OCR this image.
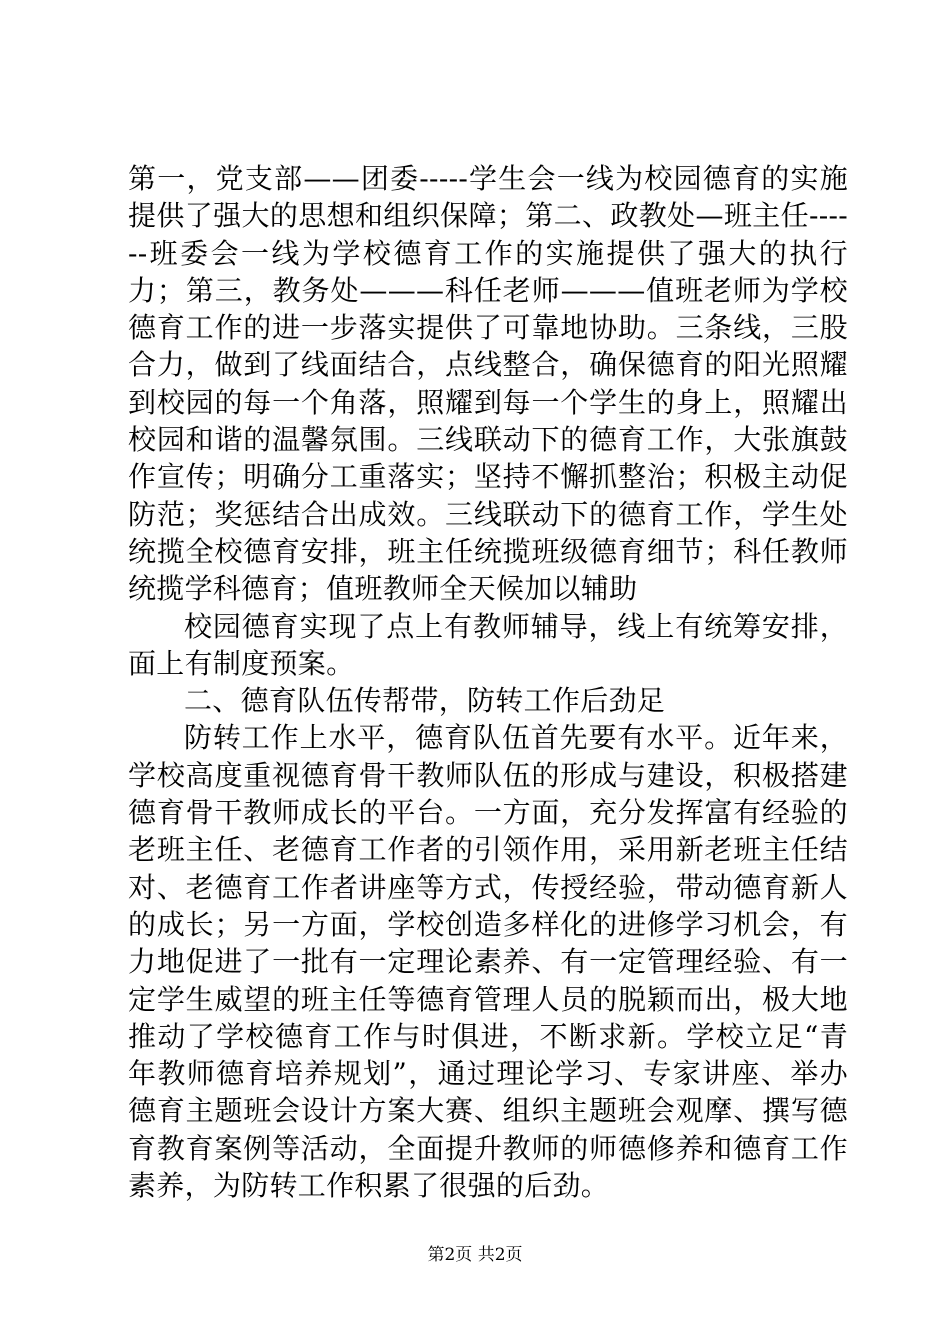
第一，党支部——团委-----学生会一线为校园德育的实施提供了强大的思想和组织保障；第二、政教处—班主任------班委会一线为学校德育工作的实施提供了强大的执行力；第三，教务处———科任老师———值班老师为学校德育工作的进一步落实提供了可靠地协助。三条线，三股合力，做到了线面结合，点线整合，确保德育的阳光照耀到校园的每一个角落，照耀到每一个学生的身上，照耀出校园和谐的温馨氛围。三线联动下的德育工作，大张旗鼓作宣传；明确分工重落实；坚持不懈抓整治；积极主动促防范；奖惩结合出成效。三线联动下的德育工作，学生处统揽全校德育安排，班主任统揽班级德育细节；科任教师统揽学科德育；值班教师全天候加以辅助

校园德育实现了点上有教师辅导，线上有统筹安排，面上有制度预案。

二、德育队伍传帮带，防转工作后劲足

防转工作上水平，德育队伍首先要有水平。近年来，学校高度重视德育骨干教师队伍的形成与建设，积极搭建德育骨干教师成长的平台。一方面，充分发挥富有经验的老班主任、老德育工作者的引领作用，采用新老班主任结对、老德育工作者讲座等方式，传授经验，带动德育新人的成长；另一方面，学校创造多样化的进修学习机会，有力地促进了一批有一定理论素养、有一定管理经验、有一定学生威望的班主任等德育管理人员的脱颖而出，极大地推动了学校德育工作与时俱进，不断求新。学校立足“青年教师德育培养规划”，通过理论学习、专家讲座、举办德育主题班会设计方案大赛、组织主题班会观摩、撰写德育教育案例等活动，全面提升教师的师德修养和德育工作素养，为防转工作积累了很强的后劲。

第2页 共2页
